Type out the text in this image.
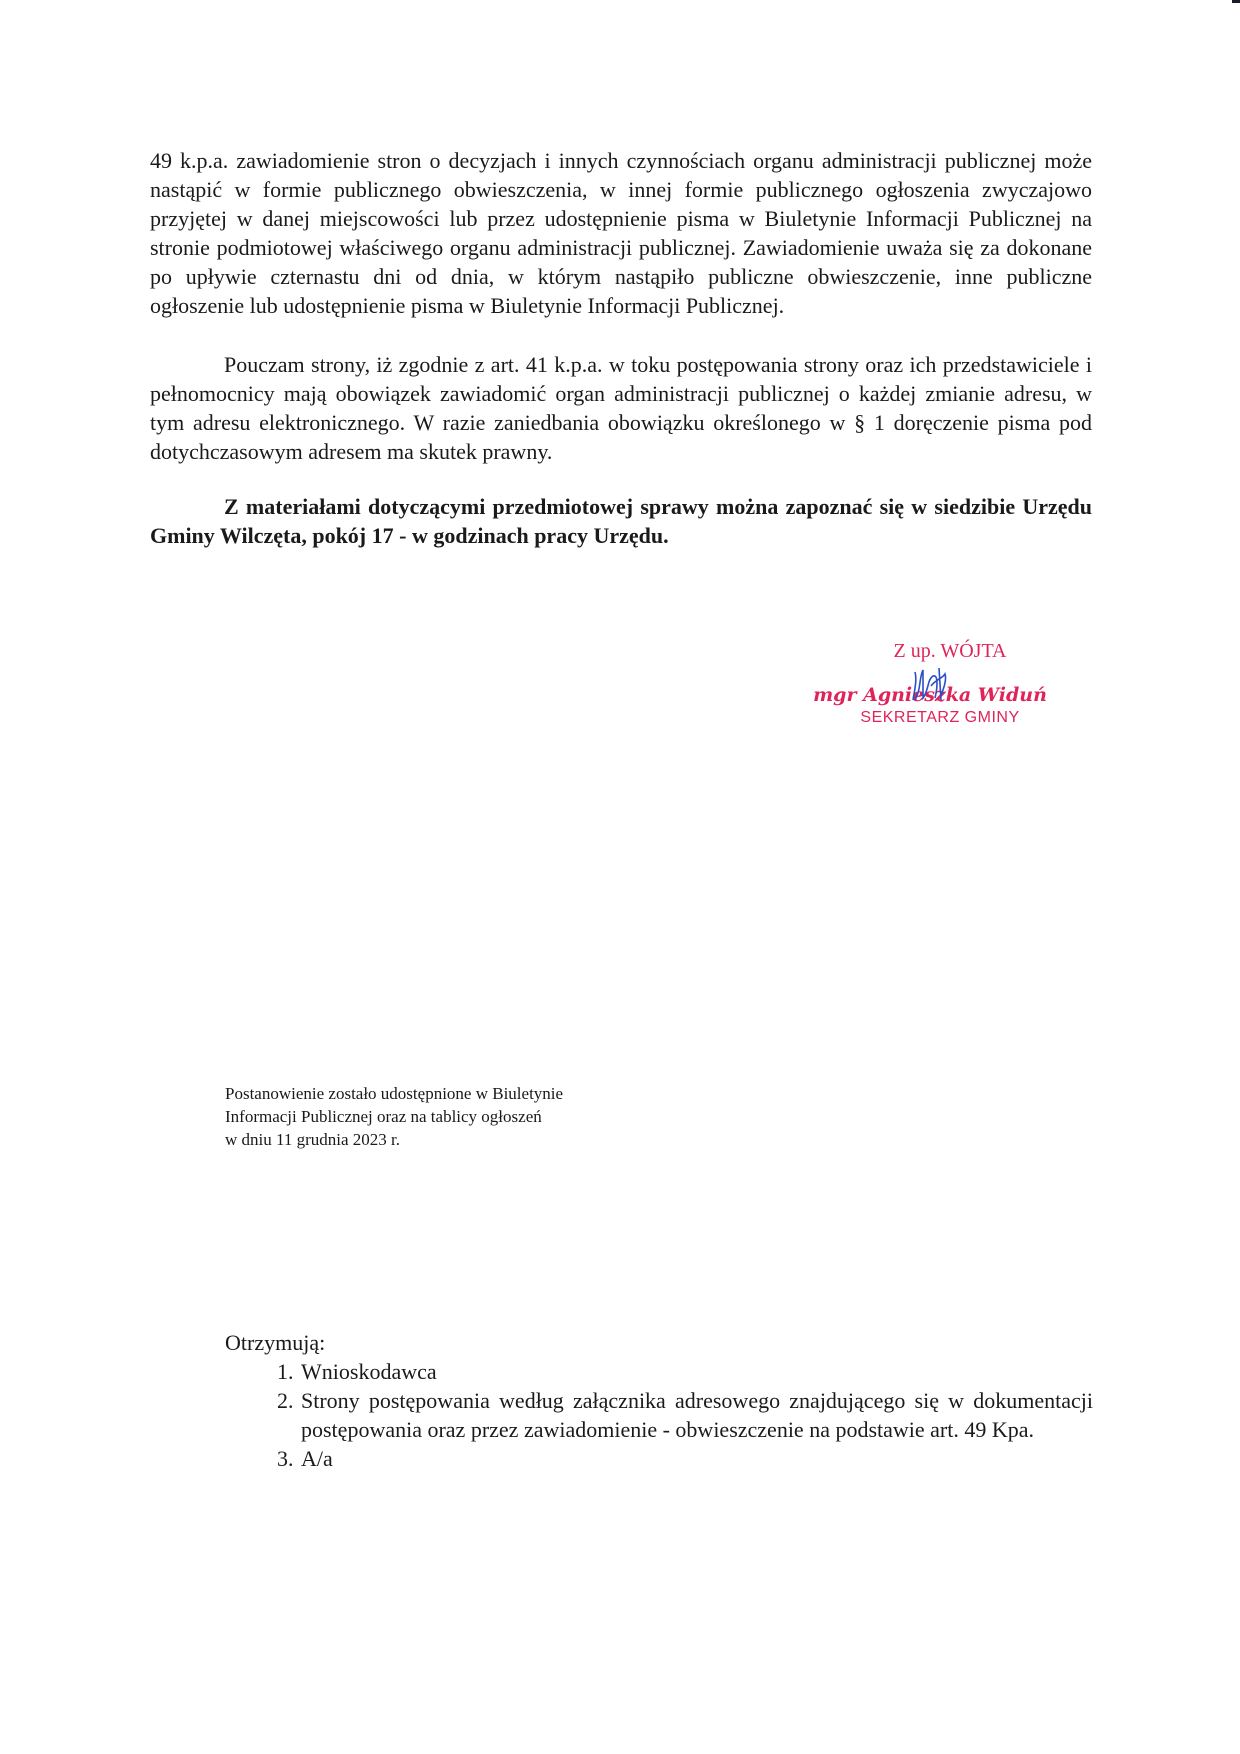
49 k.p.a. zawiadomienie stron o decyzjach i innych czynnościach organu administracji publicznej może nastąpić w formie publicznego obwieszczenia, w innej formie publicznego ogłoszenia zwyczajowo przyjętej w danej miejscowości lub przez udostępnienie pisma w Biuletynie Informacji Publicznej na stronie podmiotowej właściwego organu administracji publicznej. Zawiadomienie uważa się za dokonane po upływie czternastu dni od dnia, w którym nastąpiło publiczne obwieszczenie, inne publiczne ogłoszenie lub udostępnienie pisma w Biuletynie Informacji Publicznej.

Pouczam strony, iż zgodnie z art. 41 k.p.a. w toku postępowania strony oraz ich przedstawiciele i pełnomocnicy mają obowiązek zawiadomić organ administracji publicznej o każdej zmianie adresu, w tym adresu elektronicznego. W razie zaniedbania obowiązku określonego w § 1 doręczenie pisma pod dotychczasowym adresem ma skutek prawny.

Z materiałami dotyczącymi przedmiotowej sprawy można zapoznać się w siedzibie Urzędu Gminy Wilczęta, pokój 17 - w godzinach pracy Urzędu.

Z up. WÓJTA
mgr Agnieszka Widuń
SEKRETARZ GMINY
Postanowienie zostało udostępnione w Biuletynie
Informacji Publicznej oraz na tablicy ogłoszeń
w dniu 11 grudnia 2023 r.
Otrzymują:
1. Wnioskodawca
2. Strony postępowania według załącznika adresowego znajdującego się w dokumentacji postępowania oraz przez zawiadomienie - obwieszczenie na podstawie art. 49 Kpa.
3. A/a
